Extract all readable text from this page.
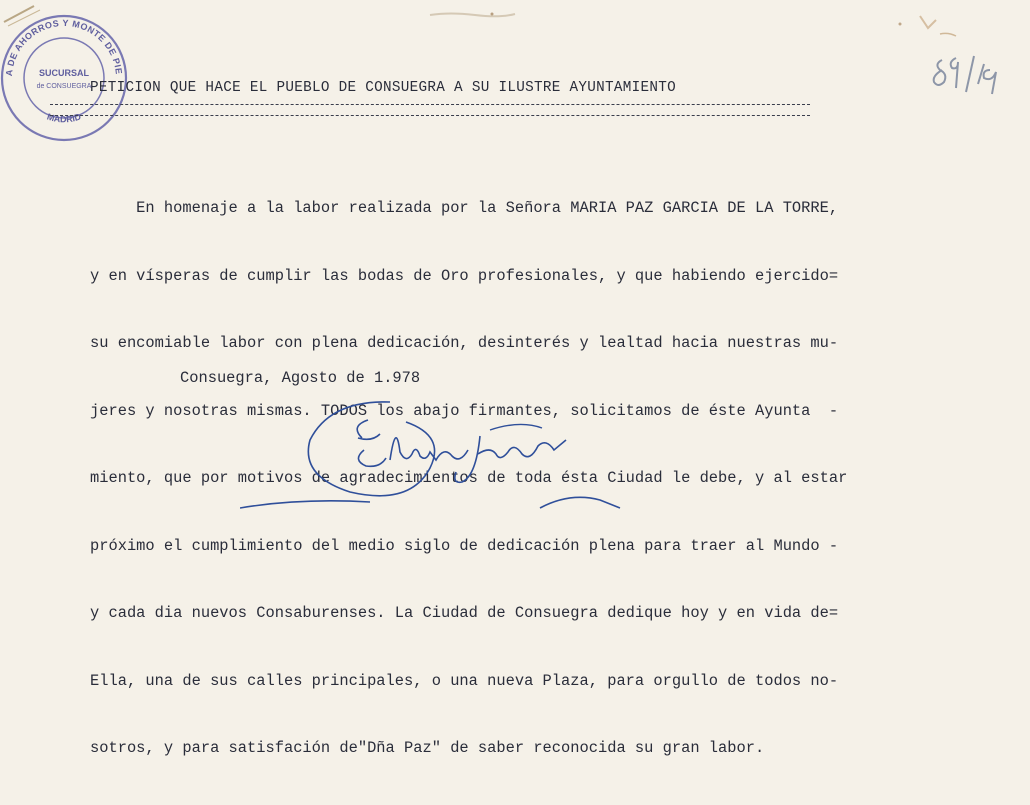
A DE AHORROS Y MONTE DE PIE
MADRID
SUCURSAL
de CONSUEGRA
PETICION QUE HACE EL PUEBLO DE CONSUEGRA A SU ILUSTRE AYUNTAMIENTO

En homenaje a la labor realizada por la Señora MARIA PAZ GARCIA DE LA TORRE,

y en vísperas de cumplir las bodas de Oro profesionales, y que habiendo ejercido=

su encomiable labor con plena dedicación, desinterés y lealtad hacia nuestras mu-

jeres y nosotras mismas. TODOS los abajo firmantes, solicitamos de éste Ayunta  -

miento, que por motivos de agradecimientos de toda ésta Ciudad le debe, y al estar

próximo el cumplimiento del medio siglo de dedicación plena para traer al Mundo -

y cada dia nuevos Consaburenses. La Ciudad de Consuegra dedique hoy y en vida de=

Ella, una de sus calles principales, o una nueva Plaza, para orgullo de todos no-

sotros, y para satisfación de"Dña Paz" de saber reconocida su gran labor.

Consuegra, Agosto de 1.978
